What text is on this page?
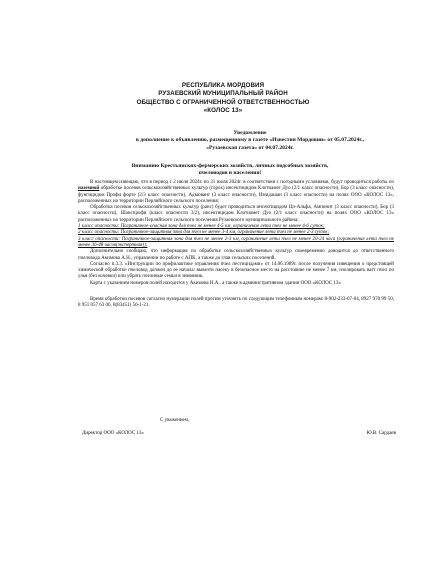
РЕСПУБЛИКА МОРДОВИЯ
РУЗАЕВСКИЙ МУНИЦИПАЛЬНЫЙ РАЙОН
ОБЩЕСТВО С ОГРАНИЧЕННОЙ ОТВЕТСТВЕННОСТЬЮ
«КОЛОС 13»
Уведомление
в дополнение к объявлению, размещенному в газете «Известия Мордовии» от 05.07.2024г.,
«Рузаевская газета» от 04.07.2024г.
Вниманию Крестьянских-фермерских хозяйств, личных подсобных хозяйств,
пчеловодов и населения!

В настоящем извещаю, что в период с 2 июля 2024г. по 31 июля 2024г. в соответствии с погодными условиями, будут проводиться работы по наземной обработке посевов сельскохозяйственных культур (горох) инсектицидом Клотиамет Дуо (2/1 класс опасности), Бор (3 класс опасности), фунгицидом Профи форте (2/3 класс опасности), Адьювант (3 класс опасности), Имидашан (3 класс опасности) на полях ООО «КОЛОС 13», расположенных на территории Перлийского сельского поселения;

Обработка посевов сельскохозяйственных культур (рапс) будет проводиться инсектицидом Цп-Альфа, Ампонит (3 класс опасности), Бор (3 класс опасности), Шанспрофи (класс опасности 3/2), инсектицидом Клотиамет Дуо (2/1 класс опасности) на полях ООО «КОЛОС 13» расположенных на территории Перлийского сельского поселения Рузаевского муниципального района;

1 класс опасности: Пограничное-опасная зона для пчел не менее 4-5 км, ограничение лета пчел не менее 4-6 суток;

2 класс опасности: Пограничное-защитная зона для пчел не менее 3-4 км, ограничение лета пчел не менее 2-3 суток;

3 класс опасности: Пограничное-защитная зона для пчел не менее 2-3 км, ограничение лета пчел не менее 20-24 часа (ограничение лета пчел не менее 36-48 часов(экспертная));

Дополнительно сообщаю, что информация по обработке сельскохозяйственных культур своевременно доводится до ответственного пчеловода Акимова А.Н., управлении по работе с АПК, а также до глав сельских поселений.

Согласно п.3.3. «Инструкции по профилактике отравления пчел пестицидами» от 14.06.1989г. после получения извещения о предстоящей химической обработке пчеловод должен до ее начала: вывезти пасеку в безопасное место на расстояние не менее 7 км, изолировать ватт пчел по улья (без кочевки) или убрать пчелиные семьи в зимовник.

Карта с указанием номеров полей находится у Акимова Н.А., а также в административном здании ООО «КОЛОС 13»

Время обработки посевов согласно нумерации полей просим уточнять по следующим телефонным номерам: 8-902-233-07-04, 8927 970 99 50, 8 951 057 63 06, 8(83451) 56-1-21.

С уважением,
Директор ООО «КОЛОС 13»	Ю.В. Сардаев
